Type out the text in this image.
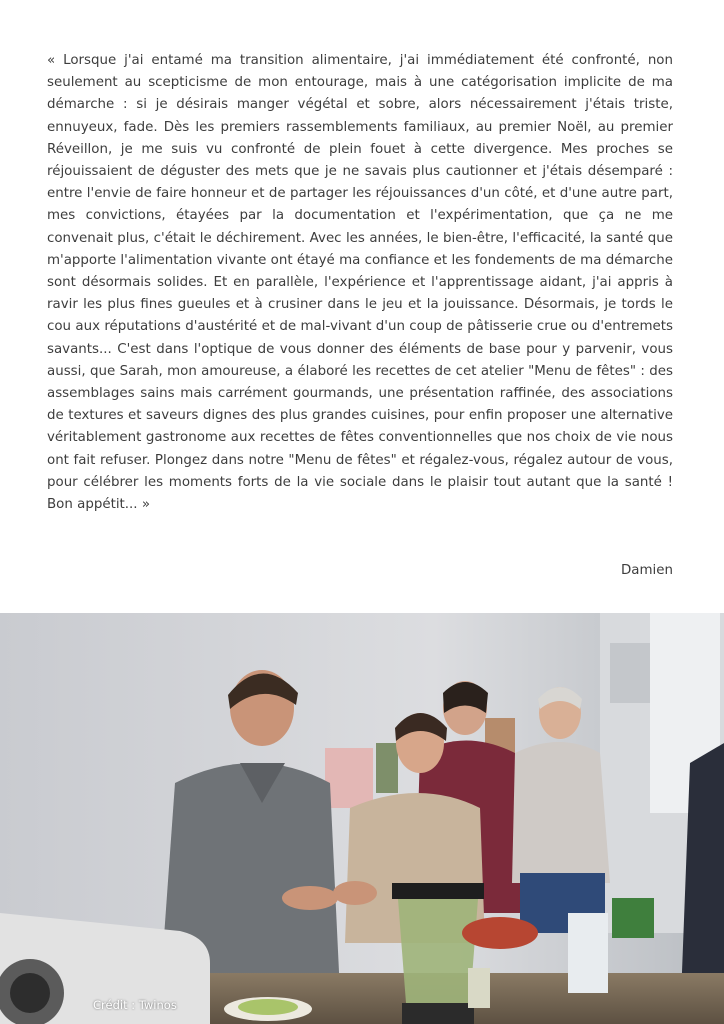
« Lorsque j'ai entamé ma transition alimentaire, j'ai immédiatement été confronté, non seulement au scepticisme de mon entourage, mais à une catégorisation implicite de ma démarche : si je désirais manger végétal et sobre, alors nécessairement j'étais triste, ennuyeux, fade. Dès les premiers rassemblements familiaux, au premier Noël, au premier Réveillon, je me suis vu confronté de plein fouet à cette divergence. Mes proches se réjouissaient de déguster des mets que je ne savais plus cautionner et j'étais désemparé : entre l'envie de faire honneur et de partager les réjouissances d'un côté, et d'une autre part, mes convictions, étayées par la documentation et l'expérimentation, que ça ne me convenait plus, c'était le déchirement. Avec les années, le bien-être, l'efficacité, la santé que m'apporte l'alimentation vivante ont étayé ma confiance et les fondements de ma démarche sont désormais solides. Et en parallèle, l'expérience et l'apprentissage aidant, j'ai appris à ravir les plus fines gueules et à crusiner dans le jeu et la jouissance. Désormais, je tords le cou aux réputations d'austérité et de mal-vivant d'un coup de pâtisserie crue ou d'entremets savants... C'est dans l'optique de vous donner des éléments de base pour y parvenir, vous aussi, que Sarah, mon amoureuse, a élaboré les recettes de cet atelier "Menu de fêtes" : des assemblages sains mais carrément gourmands, une présentation raffinée, des associations de textures et saveurs dignes des plus grandes cuisines, pour enfin proposer une alternative véritablement gastronome aux recettes de fêtes conventionnelles que nos choix de vie nous ont fait refuser. Plongez dans notre "Menu de fêtes" et régalez-vous, régalez autour de vous, pour célébrer les moments forts de la vie sociale dans le plaisir tout autant que la santé ! Bon appétit... »

Damien
Crédit : Twinos
